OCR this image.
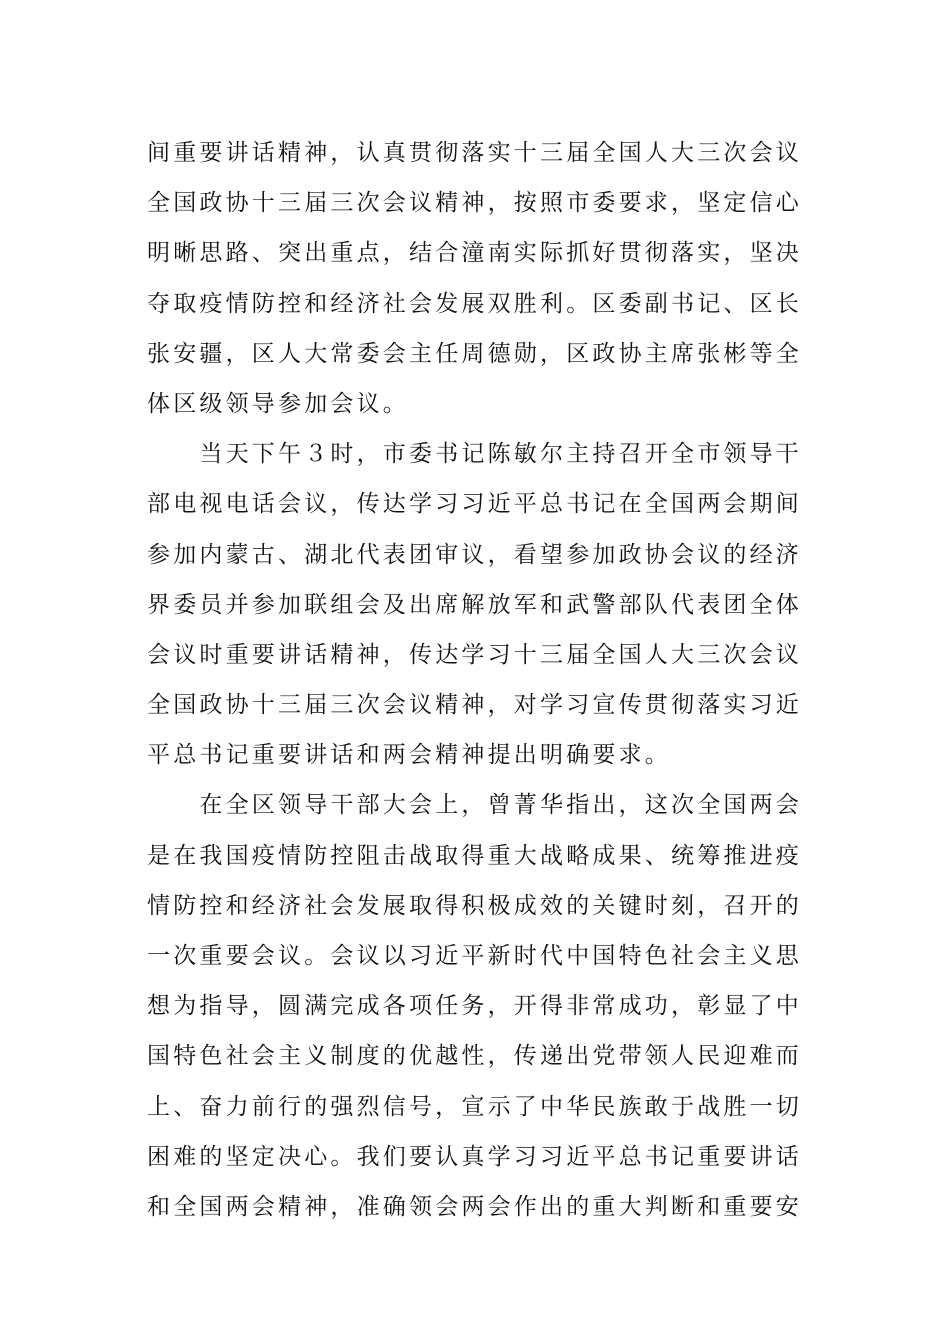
间重要讲话精神，认真贯彻落实十三届全国人大三次会议
全国政协十三届三次会议精神，按照市委要求，坚定信心
明晰思路、突出重点，结合潼南实际抓好贯彻落实，坚决
夺取疫情防控和经济社会发展双胜利。区委副书记、区长
张安疆，区人大常委会主任周德勋，区政协主席张彬等全
体区级领导参加会议。
　　当天下午３时，市委书记陈敏尔主持召开全市领导干
部电视电话会议，传达学习习近平总书记在全国两会期间
参加内蒙古、湖北代表团审议，看望参加政协会议的经济
界委员并参加联组会及出席解放军和武警部队代表团全体
会议时重要讲话精神，传达学习十三届全国人大三次会议
全国政协十三届三次会议精神，对学习宣传贯彻落实习近
平总书记重要讲话和两会精神提出明确要求。
　　在全区领导干部大会上，曾菁华指出，这次全国两会
是在我国疫情防控阻击战取得重大战略成果、统筹推进疫
情防控和经济社会发展取得积极成效的关键时刻，召开的
一次重要会议。会议以习近平新时代中国特色社会主义思
想为指导，圆满完成各项任务，开得非常成功，彰显了中
国特色社会主义制度的优越性，传递出党带领人民迎难而
上、奋力前行的强烈信号，宣示了中华民族敢于战胜一切
困难的坚定决心。我们要认真学习习近平总书记重要讲话
和全国两会精神，准确领会两会作出的重大判断和重要安
